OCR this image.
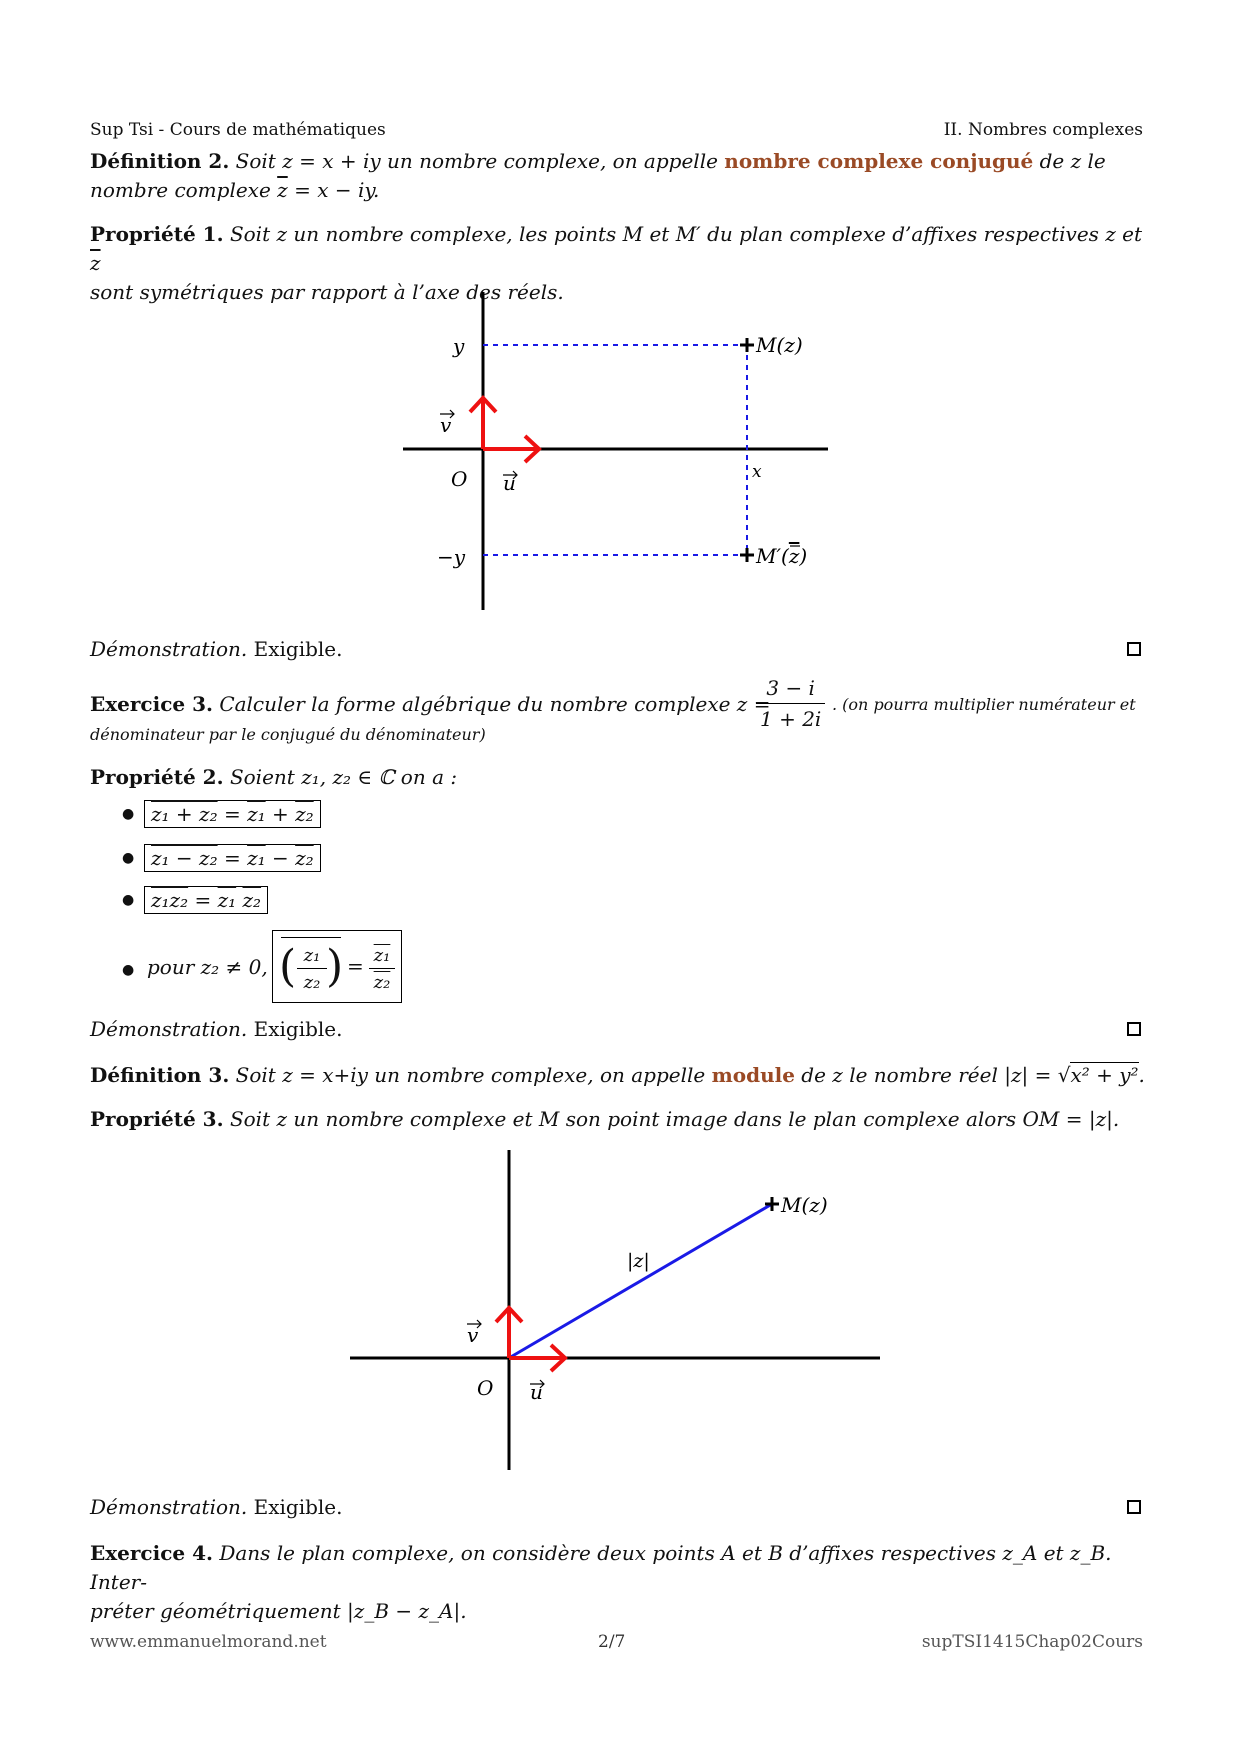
Sup Tsi - Cours de mathématiques	II. Nombres complexes
Définition 2. Soit z = x + iy un nombre complexe, on appelle nombre complexe conjugué de z le
nombre complexe $\overline{z} = x$ − iy.
Propriété 1. Soit z un nombre complexe, les points M et M′ du plan complexe d’affixes respectives z et $\overline{z}$
sont symétriques par rapport à l’axe des réels.
y
−y
x
O
v
u
M(z)
M′(z)
Démonstration. Exigible.
Exercice 3. Calculer la forme algébrique du nombre complexe z =
$\frac{3 - i}{1 + 2i}$ . (on pourra multiplier numérateur et
dénominateur par le conjugué du dénominateur)
Propriété 2. Soient z₁, z₂ ∈ ℂ on a :
● z₁ + z₂ = z₁ + z₂
● z₁ − z₂ = z₁ − z₂
● z₁z₂ = z₁ z₂
● pour z₂ ≠ 0, ( )
z₁
z₂
= z₁
z₂
Démonstration. Exigible.
Définition 3. Soit z = x+iy un nombre complexe, on appelle module de z le nombre réel |z| = √x² + y².
Propriété 3. Soit z un nombre complexe et M son point image dans le plan complexe alors OM = |z|.
M(z)
|z|
O
v
u
Démonstration. Exigible.
Exercice 4. Dans le plan complexe, on considère deux points A et B d’affixes respectives z_A et z_B. Inter-
préter géométriquement |z_B − z_A|.
www.emmanuelmorand.net	2/7	supTSI1415Chap02Cours
